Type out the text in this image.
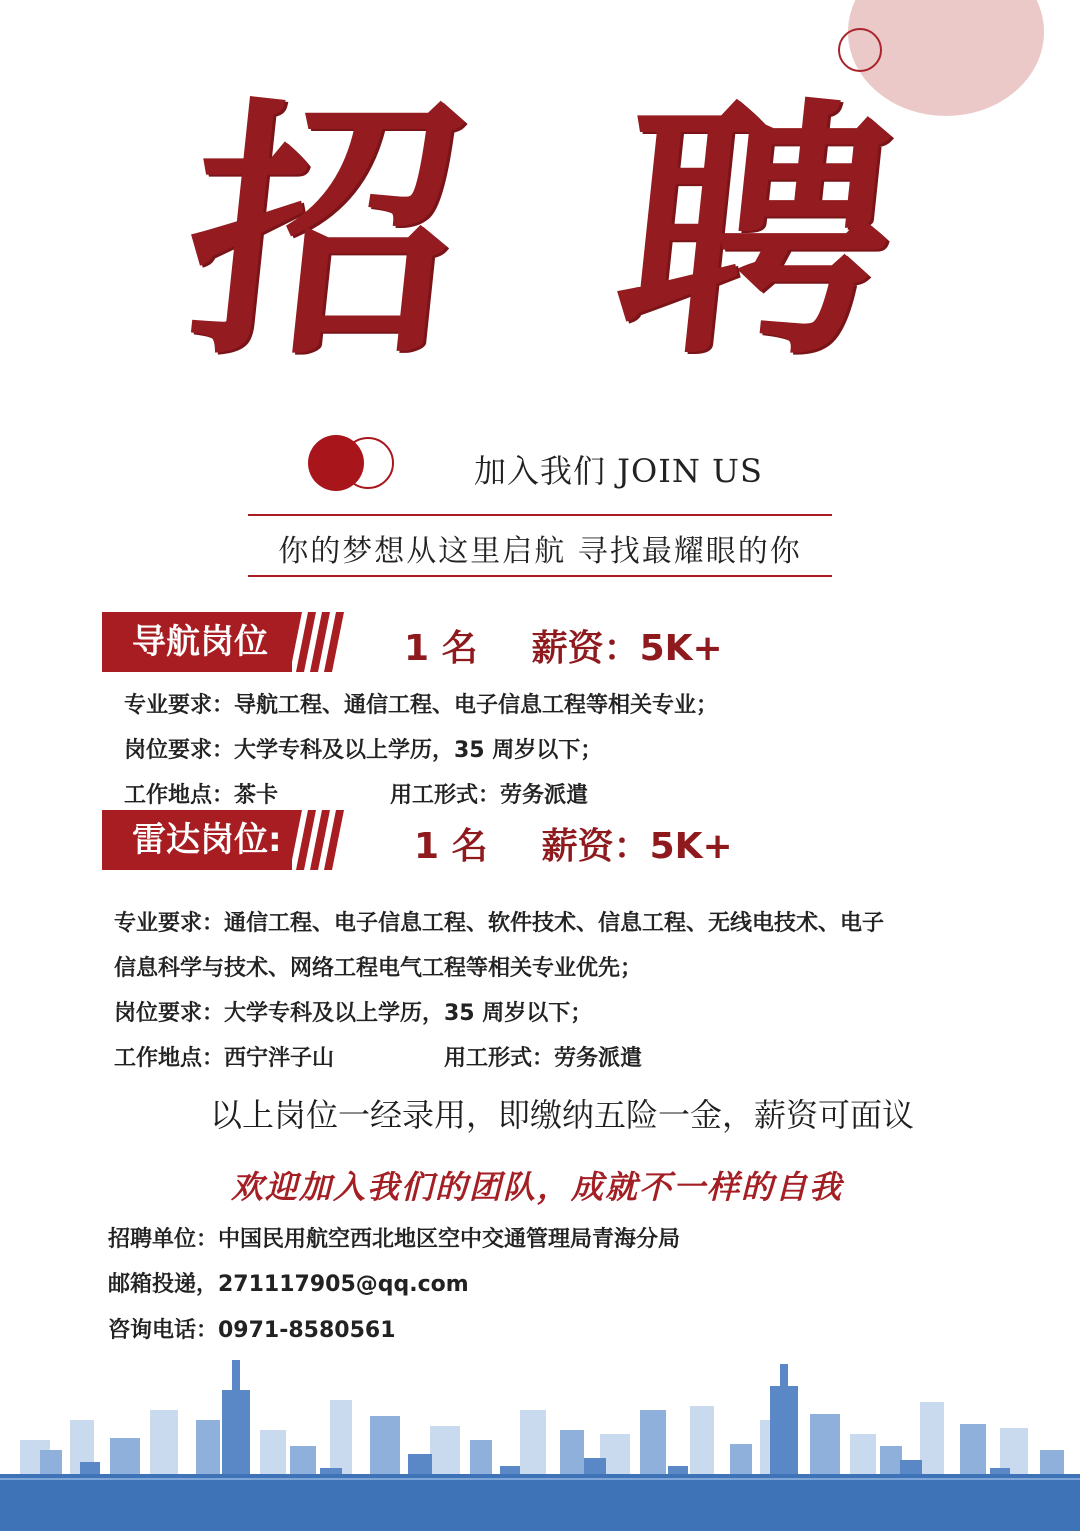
招 聘
加入我们 JOIN US
你的梦想从这里启航 寻找最耀眼的你
导航岗位	1 名 薪资：5K+
专业要求：导航工程、通信工程、电子信息工程等相关专业；
岗位要求：大学专科及以上学历，35 周岁以下；
工作地点：茶卡	用工形式：劳务派遣
雷达岗位:	1 名 薪资：5K+
专业要求：通信工程、电子信息工程、软件技术、信息工程、无线电技术、电子
信息科学与技术、网络工程电气工程等相关专业优先；
岗位要求：大学专科及以上学历，35 周岁以下；
工作地点：西宁泮子山	用工形式：劳务派遣
以上岗位一经录用，即缴纳五险一金，薪资可面议
欢迎加入我们的团队，成就不一样的自我
招聘单位：中国民用航空西北地区空中交通管理局青海分局
邮箱投递，271117905@qq.com
咨询电话：0971-8580561
